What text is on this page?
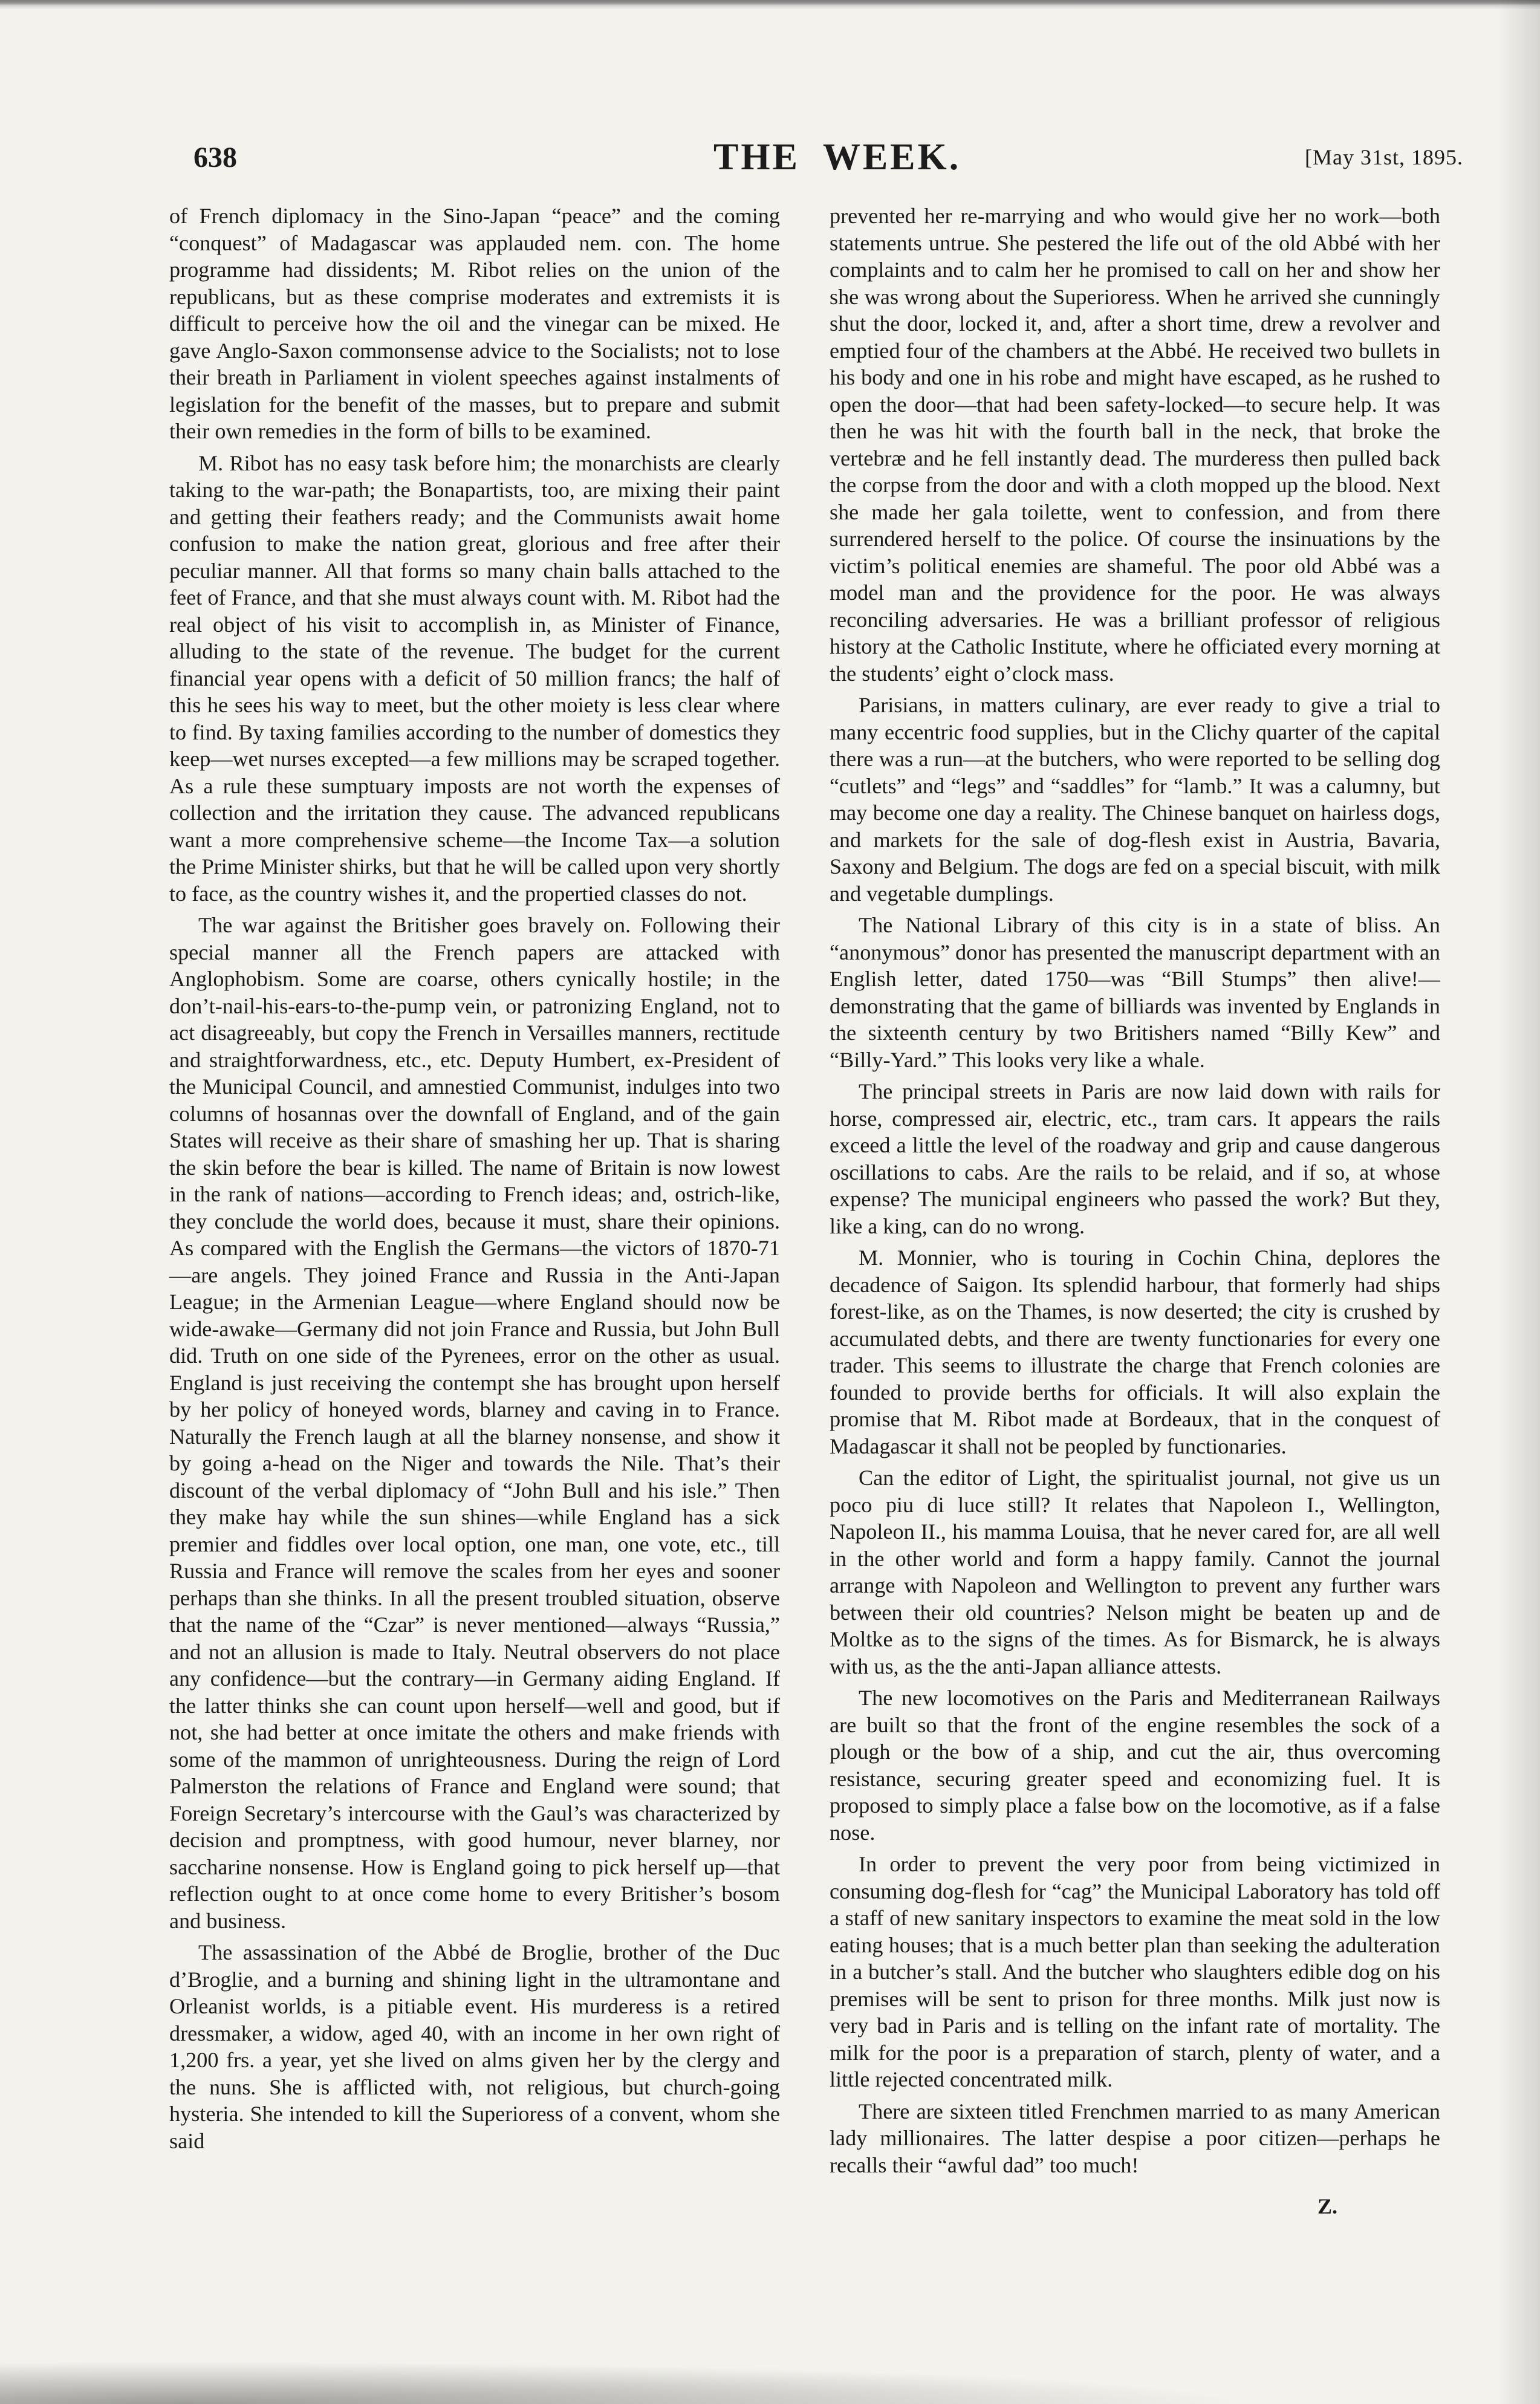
638	THE  WEEK.	[May 31st, 1895.

of French diplomacy in the Sino-Japan “peace” and the coming “conquest” of Madagascar was applauded nem. con. The home programme had dissidents; M. Ribot relies on the union of the republicans, but as these comprise moderates and extremists it is difficult to perceive how the oil and the vinegar can be mixed. He gave Anglo-Saxon commonsense advice to the Socialists; not to lose their breath in Parliament in violent speeches against instalments of legislation for the benefit of the masses, but to prepare and submit their own remedies in the form of bills to be examined.

M. Ribot has no easy task before him; the monarchists are clearly taking to the war-path; the Bonapartists, too, are mixing their paint and getting their feathers ready; and the Communists await home confusion to make the nation great, glorious and free after their peculiar manner. All that forms so many chain balls attached to the feet of France, and that she must always count with. M. Ribot had the real object of his visit to accomplish in, as Minister of Finance, alluding to the state of the revenue. The budget for the current financial year opens with a deficit of 50 million francs; the half of this he sees his way to meet, but the other moiety is less clear where to find. By taxing families according to the number of domestics they keep—wet nurses excepted—a few millions may be scraped together. As a rule these sumptuary imposts are not worth the expenses of collection and the irritation they cause. The advanced republicans want a more comprehensive scheme—the Income Tax—a solution the Prime Minister shirks, but that he will be called upon very shortly to face, as the country wishes it, and the propertied classes do not.

The war against the Britisher goes bravely on. Following their special manner all the French papers are attacked with Anglophobism. Some are coarse, others cynically hostile; in the don’t-nail-his-ears-to-the-pump vein, or patronizing England, not to act disagreeably, but copy the French in Versailles manners, rectitude and straightforwardness, etc., etc. Deputy Humbert, ex-President of the Municipal Council, and amnestied Communist, indulges into two columns of hosannas over the downfall of England, and of the gain States will receive as their share of smashing her up. That is sharing the skin before the bear is killed. The name of Britain is now lowest in the rank of nations—according to French ideas; and, ostrich-like, they conclude the world does, because it must, share their opinions. As compared with the English the Germans—the victors of 1870-71—are angels. They joined France and Russia in the Anti-Japan League; in the Armenian League—where England should now be wide-awake—Germany did not join France and Russia, but John Bull did. Truth on one side of the Pyrenees, error on the other as usual. England is just receiving the contempt she has brought upon herself by her policy of honeyed words, blarney and caving in to France. Naturally the French laugh at all the blarney nonsense, and show it by going a-head on the Niger and towards the Nile. That’s their discount of the verbal diplomacy of “John Bull and his isle.” Then they make hay while the sun shines—while England has a sick premier and fiddles over local option, one man, one vote, etc., till Russia and France will remove the scales from her eyes and sooner perhaps than she thinks. In all the present troubled situation, observe that the name of the “Czar” is never mentioned—always “Russia,” and not an allusion is made to Italy. Neutral observers do not place any confidence—but the contrary—in Germany aiding England. If the latter thinks she can count upon herself—well and good, but if not, she had better at once imitate the others and make friends with some of the mammon of unrighteousness. During the reign of Lord Palmerston the relations of France and England were sound; that Foreign Secretary’s intercourse with the Gaul’s was characterized by decision and promptness, with good humour, never blarney, nor saccharine nonsense. How is England going to pick herself up—that reflection ought to at once come home to every Britisher’s bosom and business.

The assassination of the Abbé de Broglie, brother of the Duc d’Broglie, and a burning and shining light in the ultramontane and Orleanist worlds, is a pitiable event. His murderess is a retired dressmaker, a widow, aged 40, with an income in her own right of 1,200 frs. a year, yet she lived on alms given her by the clergy and the nuns. She is afflicted with, not religious, but church-going hysteria. She intended to kill the Superioress of a convent, whom she said

prevented her re-marrying and who would give her no work—both statements untrue. She pestered the life out of the old Abbé with her complaints and to calm her he promised to call on her and show her she was wrong about the Superioress. When he arrived she cunningly shut the door, locked it, and, after a short time, drew a revolver and emptied four of the chambers at the Abbé. He received two bullets in his body and one in his robe and might have escaped, as he rushed to open the door—that had been safety-locked—to secure help. It was then he was hit with the fourth ball in the neck, that broke the vertebræ and he fell instantly dead. The murderess then pulled back the corpse from the door and with a cloth mopped up the blood. Next she made her gala toilette, went to confession, and from there surrendered herself to the police. Of course the insinuations by the victim’s political enemies are shameful. The poor old Abbé was a model man and the providence for the poor. He was always reconciling adversaries. He was a brilliant professor of religious history at the Catholic Institute, where he officiated every morning at the students’ eight o’clock mass.

Parisians, in matters culinary, are ever ready to give a trial to many eccentric food supplies, but in the Clichy quarter of the capital there was a run—at the butchers, who were reported to be selling dog “cutlets” and “legs” and “saddles” for “lamb.” It was a calumny, but may become one day a reality. The Chinese banquet on hairless dogs, and markets for the sale of dog-flesh exist in Austria, Bavaria, Saxony and Belgium. The dogs are fed on a special biscuit, with milk and vegetable dumplings.

The National Library of this city is in a state of bliss. An “anonymous” donor has presented the manuscript department with an English letter, dated 1750—was “Bill Stumps” then alive!—demonstrating that the game of billiards was invented by Englands in the sixteenth century by two Britishers named “Billy Kew” and “Billy-Yard.” This looks very like a whale.

The principal streets in Paris are now laid down with rails for horse, compressed air, electric, etc., tram cars. It appears the rails exceed a little the level of the roadway and grip and cause dangerous oscillations to cabs. Are the rails to be relaid, and if so, at whose expense? The municipal engineers who passed the work? But they, like a king, can do no wrong.

M. Monnier, who is touring in Cochin China, deplores the decadence of Saigon. Its splendid harbour, that formerly had ships forest-like, as on the Thames, is now deserted; the city is crushed by accumulated debts, and there are twenty functionaries for every one trader. This seems to illustrate the charge that French colonies are founded to provide berths for officials. It will also explain the promise that M. Ribot made at Bordeaux, that in the conquest of Madagascar it shall not be peopled by functionaries.

Can the editor of Light, the spiritualist journal, not give us un poco piu di luce still? It relates that Napoleon I., Wellington, Napoleon II., his mamma Louisa, that he never cared for, are all well in the other world and form a happy family. Cannot the journal arrange with Napoleon and Wellington to prevent any further wars between their old countries? Nelson might be beaten up and de Moltke as to the signs of the times. As for Bismarck, he is always with us, as the the anti-Japan alliance attests.

The new locomotives on the Paris and Mediterranean Railways are built so that the front of the engine resembles the sock of a plough or the bow of a ship, and cut the air, thus overcoming resistance, securing greater speed and economizing fuel. It is proposed to simply place a false bow on the locomotive, as if a false nose.

In order to prevent the very poor from being victimized in consuming dog-flesh for “cag” the Municipal Laboratory has told off a staff of new sanitary inspectors to examine the meat sold in the low eating houses; that is a much better plan than seeking the adulteration in a butcher’s stall. And the butcher who slaughters edible dog on his premises will be sent to prison for three months. Milk just now is very bad in Paris and is telling on the infant rate of mortality. The milk for the poor is a preparation of starch, plenty of water, and a little rejected concentrated milk.

There are sixteen titled Frenchmen married to as many American lady millionaires. The latter despise a poor citizen—perhaps he recalls their “awful dad” too much!

Z.
